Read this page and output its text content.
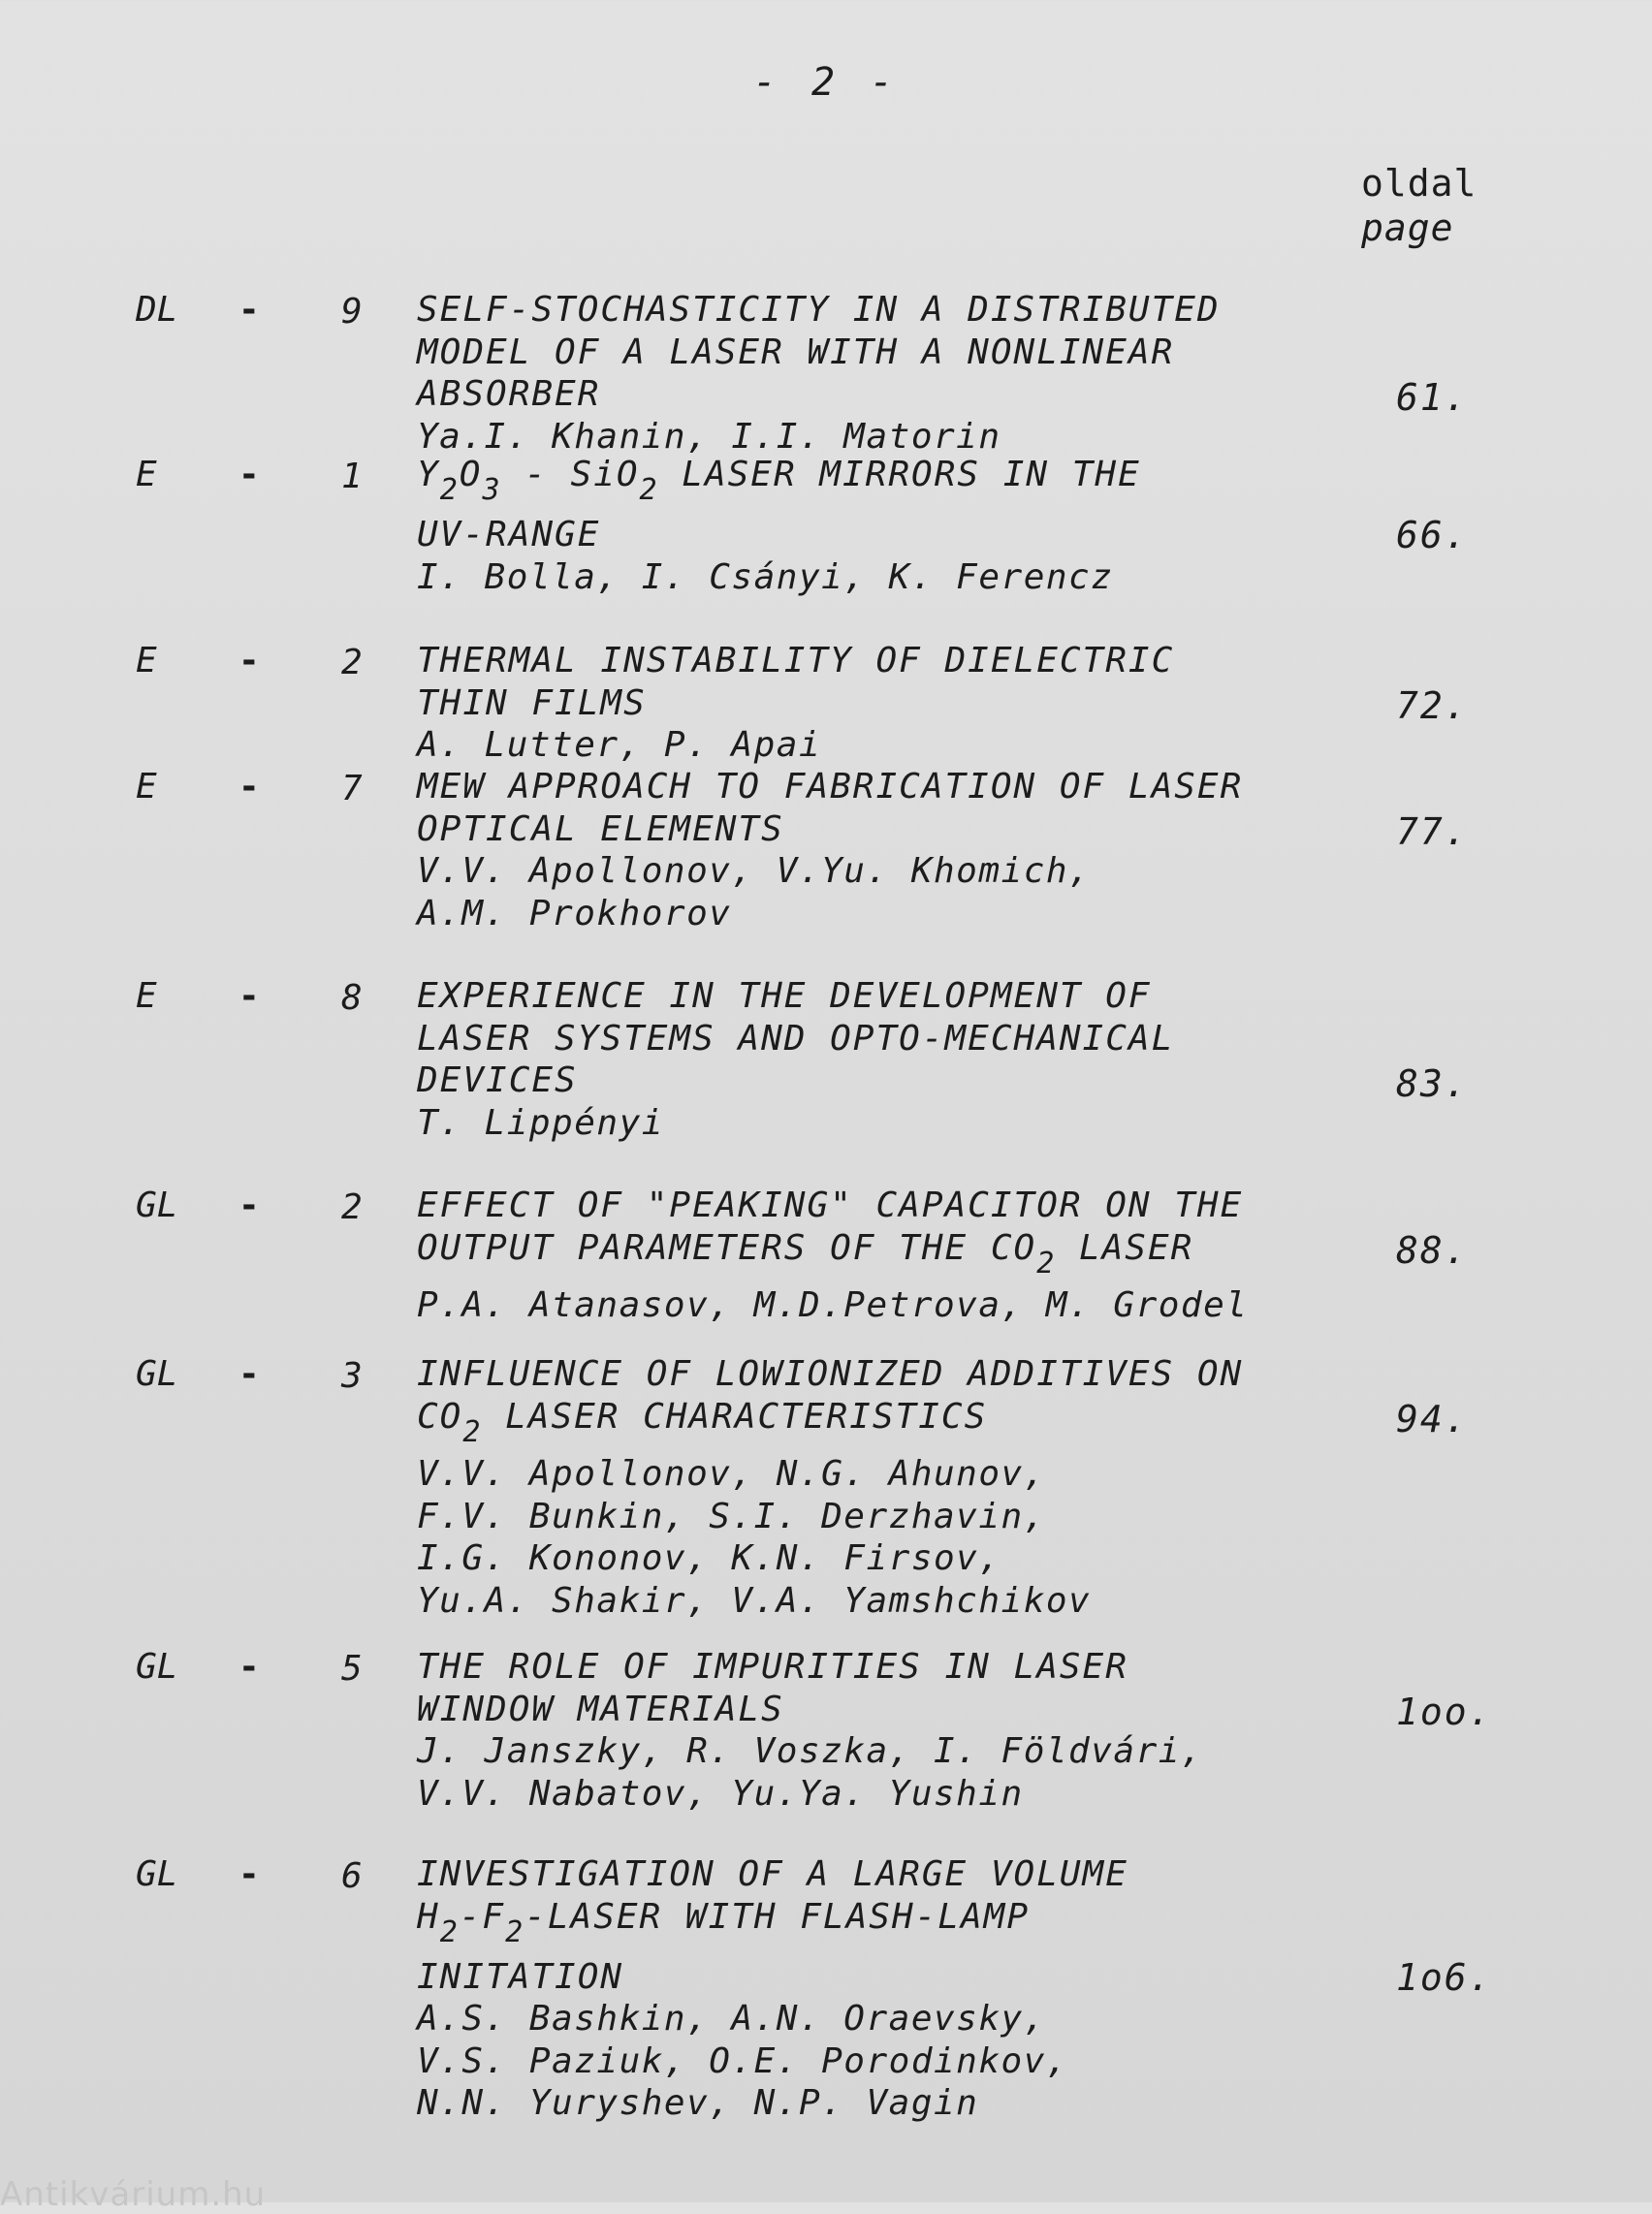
- 2 -
oldal
page
DL - 9 SELF-STOCHASTICITY IN A DISTRIBUTED
MODEL OF A LASER WITH A NONLINEAR
ABSORBER
Ya.I. Khanin, I.I. Matorin
61.
E - 1 $Y_2O_3 - SiO_2$ LASER MIRRORS IN THE
UV-RANGE
I. Bolla, I. Csányi, K. Ferencz
66.
E - 2 THERMAL INSTABILITY OF DIELECTRIC
THIN FILMS
A. Lutter, P. Apai
72.
E - 7 MEW APPROACH TO FABRICATION OF LASER
OPTICAL ELEMENTS
V.V. Apollonov, V.Yu. Khomich,
A.M. Prokhorov
77.
E - 8 EXPERIENCE IN THE DEVELOPMENT OF
LASER SYSTEMS AND OPTO-MECHANICAL
DEVICES
T. Lippényi
83.
GL - 2 EFFECT OF "PEAKING" CAPACITOR ON THE
OUTPUT PARAMETERS OF THE $CO_2$ LASER
P.A. Atanasov, M.D.Petrova, M. Grodel
88.
GL - 3 INFLUENCE OF LOWIONIZED ADDITIVES ON
$CO_2$ LASER CHARACTERISTICS
V.V. Apollonov, N.G. Ahunov,
F.V. Bunkin, S.I. Derzhavin,
I.G. Kononov, K.N. Firsov,
Yu.A. Shakir, V.A. Yamshchikov
94.
GL - 5 THE ROLE OF IMPURITIES IN LASER
WINDOW MATERIALS
J. Janszky, R. Voszka, I. Földvári,
V.V. Nabatov, Yu.Ya. Yushin
1oo.
GL - 6 INVESTIGATION OF A LARGE VOLUME
$H_2-F_2$-LASER WITH FLASH-LAMP
INITATION
A.S. Bashkin, A.N. Oraevsky,
V.S. Paziuk, O.E. Porodinkov,
N.N. Yuryshev, N.P. Vagin
1o6.
Antikvárium.hu
